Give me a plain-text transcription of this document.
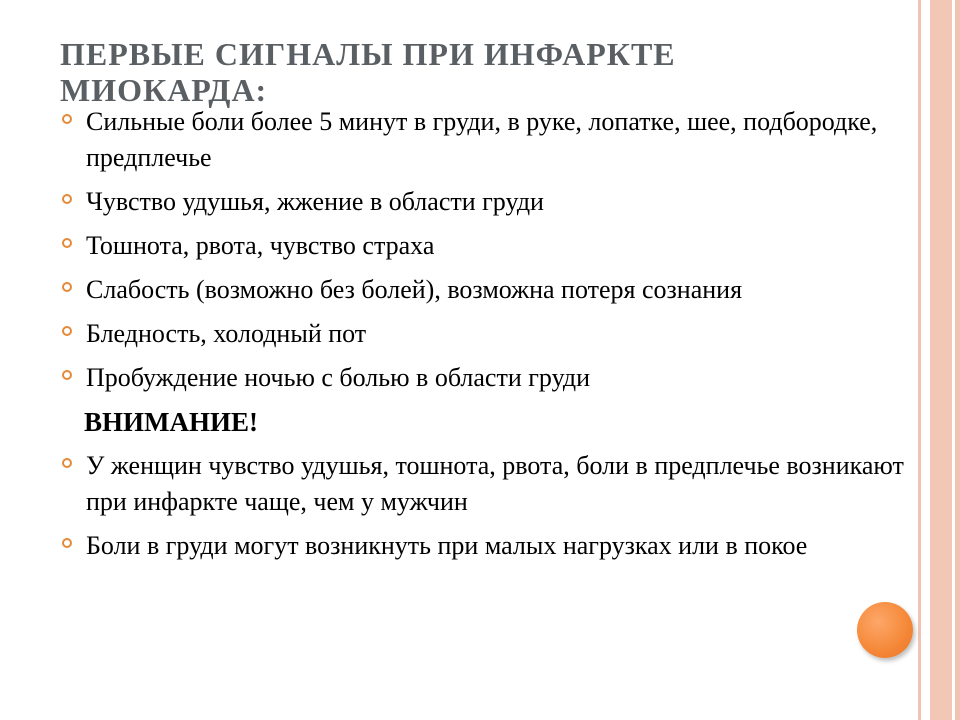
ПЕРВЫЕ СИГНАЛЫ ПРИ ИНФАРКТЕ МИОКАРДА:
Сильные боли более 5 минут в груди, в руке, лопатке, шее, подбородке, предплечье
Чувство удушья, жжение в области груди
Тошнота, рвота, чувство страха
Слабость (возможно без болей), возможна потеря сознания
Бледность, холодный пот
Пробуждение ночью с болью в области груди
ВНИМАНИЕ!
У женщин чувство удушья, тошнота, рвота, боли в предплечье возникают при инфаркте чаще, чем у мужчин
Боли в груди могут возникнуть при малых нагрузках или в покое
